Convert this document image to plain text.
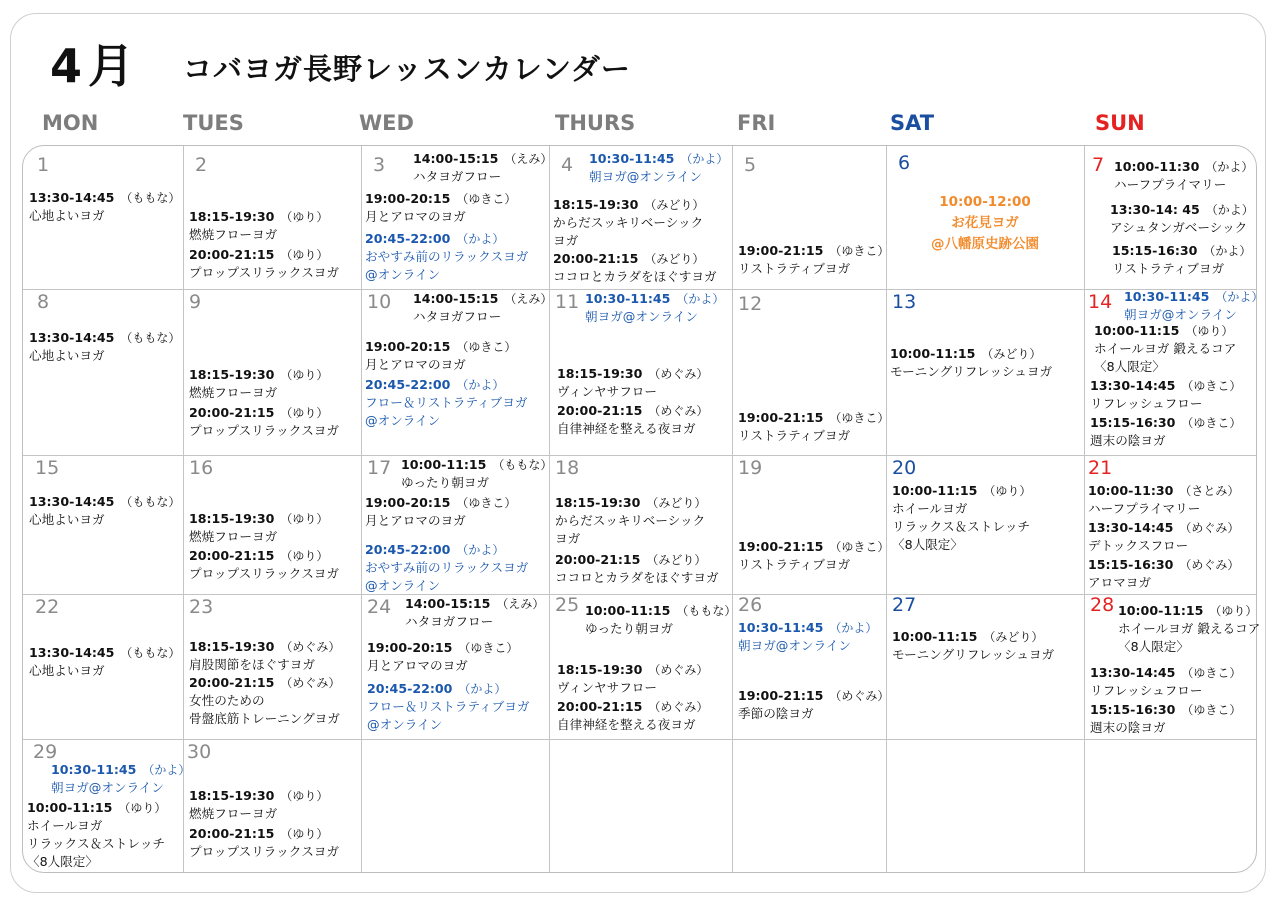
4月 コバヨガ長野レッスンカレンダー
MON	TUES	WED	THURS	FRI	SAT	SUN
1
13:30-14:45 （ももな）
心地よいヨガ
2
18:15-19:30 （ゆり）
燃焼フローヨガ
20:00-21:15 （ゆり）
プロップスリラックスヨガ
3 14:00-15:15 （えみ）
ハタヨガフロー
19:00-20:15 （ゆきこ）
月とアロマのヨガ
20:45-22:00 （かよ）
おやすみ前のリラックスヨガ
@オンライン
4 10:30-11:45 （かよ）
朝ヨガ@オンライン
18:15-19:30 （みどり）
からだスッキリベーシック
ヨガ
20:00-21:15 （みどり）
ココロとカラダをほぐすヨガ
5
19:00-21:15 （ゆきこ）
リストラティブヨガ
6
10:00-12:00
お花見ヨガ
@八幡原史跡公園
7 10:00-11:30 （かよ）
ハーフプライマリー
13:30-14: 45 （かよ）
アシュタンガベーシック
15:15-16:30 （かよ）
リストラティブヨガ
8
13:30-14:45 （ももな）
心地よいヨガ
9
18:15-19:30 （ゆり）
燃焼フローヨガ
20:00-21:15 （ゆり）
プロップスリラックスヨガ
10 14:00-15:15 （えみ）
ハタヨガフロー
19:00-20:15 （ゆきこ）
月とアロマのヨガ
20:45-22:00 （かよ）
フロー＆リストラティブヨガ
@オンライン
11 10:30-11:45 （かよ）
朝ヨガ@オンライン
18:15-19:30 （めぐみ）
ヴィンヤサフロー
20:00-21:15 （めぐみ）
自律神経を整える夜ヨガ
12
19:00-21:15 （ゆきこ）
リストラティブヨガ
13
10:00-11:15 （みどり）
モーニングリフレッシュヨガ
14 10:30-11:45 （かよ）
朝ヨガ@オンライン
10:00-11:15 （ゆり）
ホイールヨガ 鍛えるコア
〈8人限定〉
13:30-14:45 （ゆきこ）
リフレッシュフロー
15:15-16:30 （ゆきこ）
週末の陰ヨガ
15
13:30-14:45 （ももな）
心地よいヨガ
16
18:15-19:30 （ゆり）
燃焼フローヨガ
20:00-21:15 （ゆり）
プロップスリラックスヨガ
17 10:00-11:15 （ももな）
ゆったり朝ヨガ
19:00-20:15 （ゆきこ）
月とアロマのヨガ
20:45-22:00 （かよ）
おやすみ前のリラックスヨガ
@オンライン
18
18:15-19:30 （みどり）
からだスッキリベーシック
ヨガ
20:00-21:15 （みどり）
ココロとカラダをほぐすヨガ
19
19:00-21:15 （ゆきこ）
リストラティブヨガ
20
10:00-11:15 （ゆり）
ホイールヨガ
リラックス＆ストレッチ
〈8人限定〉
21
10:00-11:30 （さとみ）
ハーフプライマリー
13:30-14:45 （めぐみ）
デトックスフロー
15:15-16:30 （めぐみ）
アロマヨガ
22
13:30-14:45 （ももな）
心地よいヨガ
23
18:15-19:30 （めぐみ）
肩股関節をほぐすヨガ
20:00-21:15 （めぐみ）
女性のための
骨盤底筋トレーニングヨガ
24 14:00-15:15 （えみ）
ハタヨガフロー
19:00-20:15 （ゆきこ）
月とアロマのヨガ
20:45-22:00 （かよ）
フロー＆リストラティブヨガ
@オンライン
25 10:00-11:15 （ももな）
ゆったり朝ヨガ
18:15-19:30 （めぐみ）
ヴィンヤサフロー
20:00-21:15 （めぐみ）
自律神経を整える夜ヨガ
26
10:30-11:45 （かよ）
朝ヨガ@オンライン
19:00-21:15 （めぐみ）
季節の陰ヨガ
27
10:00-11:15 （みどり）
モーニングリフレッシュヨガ
28 10:00-11:15 （ゆり）
ホイールヨガ 鍛えるコア
〈8人限定〉
13:30-14:45 （ゆきこ）
リフレッシュフロー
15:15-16:30 （ゆきこ）
週末の陰ヨガ
29
10:30-11:45 （かよ）
朝ヨガ@オンライン
10:00-11:15 （ゆり）
ホイールヨガ
リラックス＆ストレッチ
〈8人限定〉
30
18:15-19:30 （ゆり）
燃焼フローヨガ
20:00-21:15 （ゆり）
プロップスリラックスヨガ
